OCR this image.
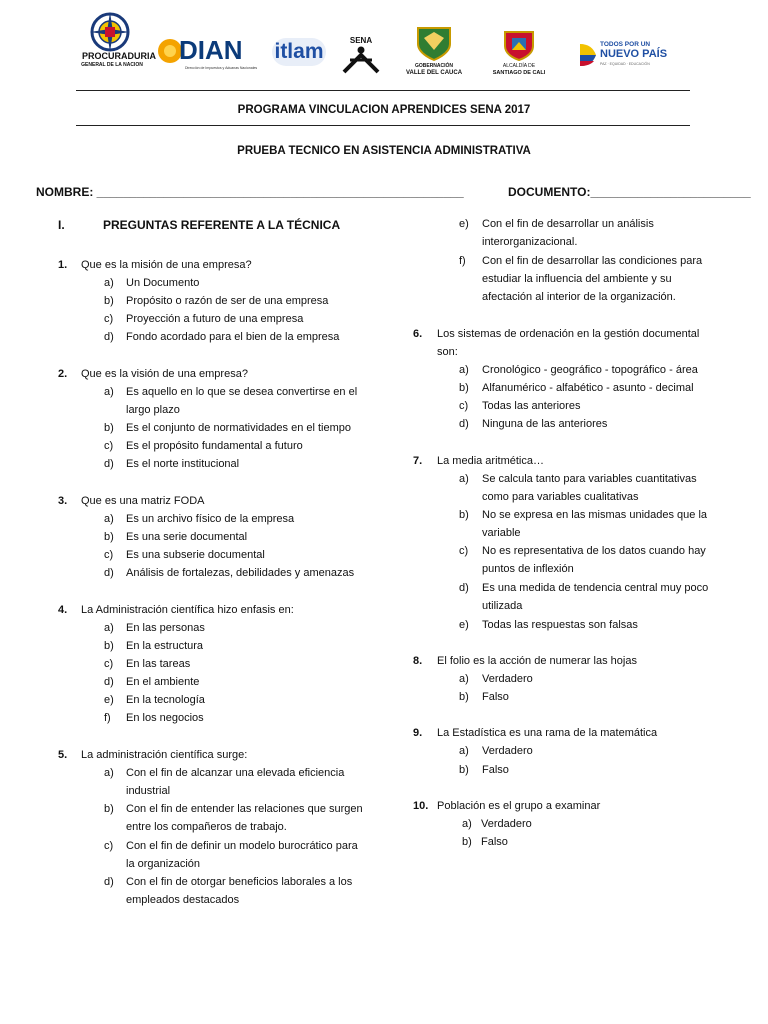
PROCURADURIA
GENERAL DE LA NACION DIAN
Dirección de Impuestos y Aduanas Nacionales
itlam	SENA
GOBERNACIÓN
VALLE DEL CAUCA
ALCALDÍA DE
SANTIAGO DE CALI
TODOS POR UN
NUEVO PAÍS
PAZ · EQUIDAD · EDUCACIÓN
PROGRAMA VINCULACION APRENDICES SENA 2017
PRUEBA TECNICO EN ASISTENCIA ADMINISTRATIVA
NOMBRE: _______________________________________________________	DOCUMENTO:________________________
I.	PREGUNTAS REFERENTE A LA TÉCNICA
1. Que es la misión de una empresa?
a) Un Documento
b) Propósito o razón de ser de una empresa
c) Proyección a futuro de una empresa
d) Fondo acordado para el bien de la empresa
2. Que es la visión de una empresa?
a) Es aquello en lo que se desea convertirse en el
largo plazo
b) Es el conjunto de normatividades en el tiempo
c) Es el propósito fundamental a futuro
d) Es el norte institucional
3. Que es una matriz FODA
a) Es un archivo físico de la empresa
b) Es una serie documental
c) Es una subserie documental
d) Análisis de fortalezas, debilidades y amenazas
4. La Administración científica hizo enfasis en:
a) En las personas
b) En la estructura
c) En las tareas
d) En el ambiente
e) En la tecnología
f) En los negocios
5. La administración científica surge:
a) Con el fin de alcanzar una elevada eficiencia
industrial
b) Con el fin de entender las relaciones que surgen
entre los compañeros de trabajo.
c) Con el fin de definir un modelo burocrático para
la organización
d) Con el fin de otorgar beneficios laborales a los
empleados destacados
e) Con el fin de desarrollar un análisis
interorganizacional.
f) Con el fin de desarrollar las condiciones para
estudiar la influencia del ambiente y su
afectación al interior de la organización.
6. Los sistemas de ordenación en la gestión documental
son:
a) Cronológico - geográfico - topográfico - área
b) Alfanumérico - alfabético - asunto - decimal
c) Todas las anteriores
d) Ninguna de las anteriores
7. La media aritmética…
a) Se calcula tanto para variables cuantitativas
como para variables cualitativas
b) No se expresa en las mismas unidades que la
variable
c) No es representativa de los datos cuando hay
puntos de inflexión
d) Es una medida de tendencia central muy poco
utilizada
e) Todas las respuestas son falsas
8. El folio es la acción de numerar las hojas
a) Verdadero
b) Falso
9. La Estadística es una rama de la matemática
a) Verdadero
b) Falso
10. Población es el grupo a examinar
a) Verdadero
b) Falso
